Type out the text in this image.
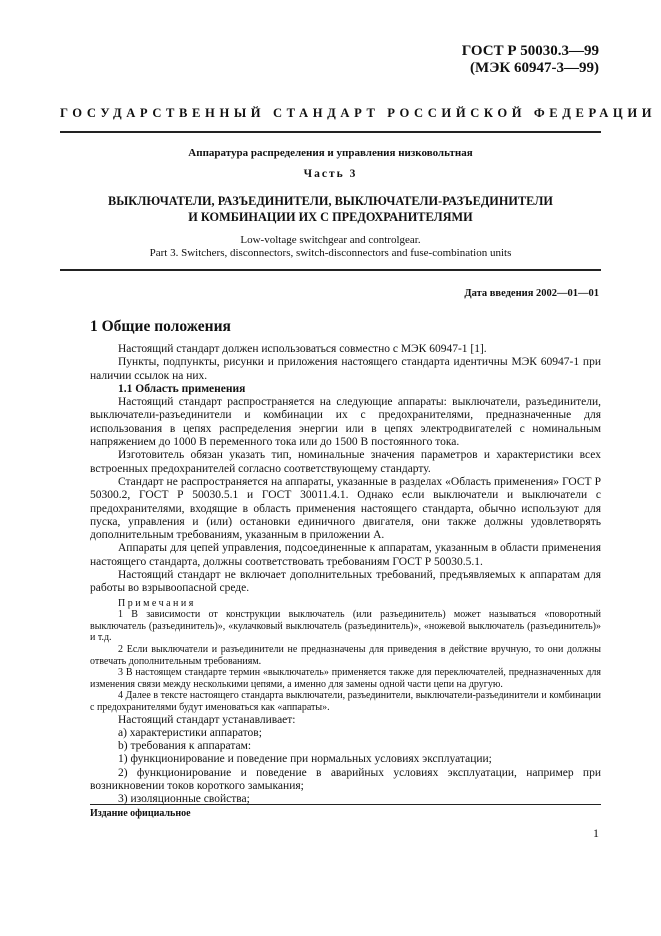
ГОСТ Р 50030.3—99
(МЭК 60947-3—99)
ГОСУДАРСТВЕННЫЙ СТАНДАРТ РОССИЙСКОЙ ФЕДЕРАЦИИ
Аппаратура распределения и управления низковольтная
Часть 3
ВЫКЛЮЧАТЕЛИ, РАЗЪЕДИНИТЕЛИ, ВЫКЛЮЧАТЕЛИ-РАЗЪЕДИНИТЕЛИ
И КОМБИНАЦИИ ИХ С ПРЕДОХРАНИТЕЛЯМИ
Low-voltage switchgear and controlgear.
Part 3. Switchers, disconnectors, switch-disconnectors and fuse-combination units
Дата введения 2002—01—01
1 Общие положения

Настоящий стандарт должен использоваться совместно с МЭК 60947-1 [1].

Пункты, подпункты, рисунки и приложения настоящего стандарта идентичны МЭК 60947-1 при наличии ссылок на них.

1.1 Область применения

Настоящий стандарт распространяется на следующие аппараты: выключатели, разъединители, выключатели-разъединители и комбинации их с предохранителями, предназначенные для использования в цепях распределения энергии или в цепях электродвигателей с номинальным напряжением до 1000 В переменного тока или до 1500 В постоянного тока.

Изготовитель обязан указать тип, номинальные значения параметров и характеристики всех встроенных предохранителей согласно соответствующему стандарту.

Стандарт не распространяется на аппараты, указанные в разделах «Область применения» ГОСТ Р 50300.2, ГОСТ Р 50030.5.1 и ГОСТ 30011.4.1. Однако если выключатели и выключатели с предохранителями, входящие в область применения настоящего стандарта, обычно используют для пуска, управления и (или) остановки единичного двигателя, они также должны удовлетворять дополнительным требованиям, указанным в приложении А.

Аппараты для цепей управления, подсоединенные к аппаратам, указанным в области применения настоящего стандарта, должны соответствовать требованиям ГОСТ Р 50030.5.1.

Настоящий стандарт не включает дополнительных требований, предъявляемых к аппаратам для работы во взрывоопасной среде.

Примечания

1 В зависимости от конструкции выключатель (или разъединитель) может называться «поворотный выключатель (разъединитель)», «кулачковый выключатель (разъединитель)», «ножевой выключатель (разъединитель)» и т.д.

2 Если выключатели и разъединители не предназначены для приведения в действие вручную, то они должны отвечать дополнительным требованиям.

3 В настоящем стандарте термин «выключатель» применяется также для переключателей, предназначенных для изменения связи между несколькими цепями, а именно для замены одной части цепи на другую.

4 Далее в тексте настоящего стандарта выключатели, разъединители, выключатели-разъединители и комбинации с предохранителями будут именоваться как «аппараты».

Настоящий стандарт устанавливает:

а) характеристики аппаратов;

b) требования к аппаратам:

1) функционирование и поведение при нормальных условиях эксплуатации;

2) функционирование и поведение в аварийных условиях эксплуатации, например при возникновении токов короткого замыкания;

3) изоляционные свойства;

Издание официальное
1
